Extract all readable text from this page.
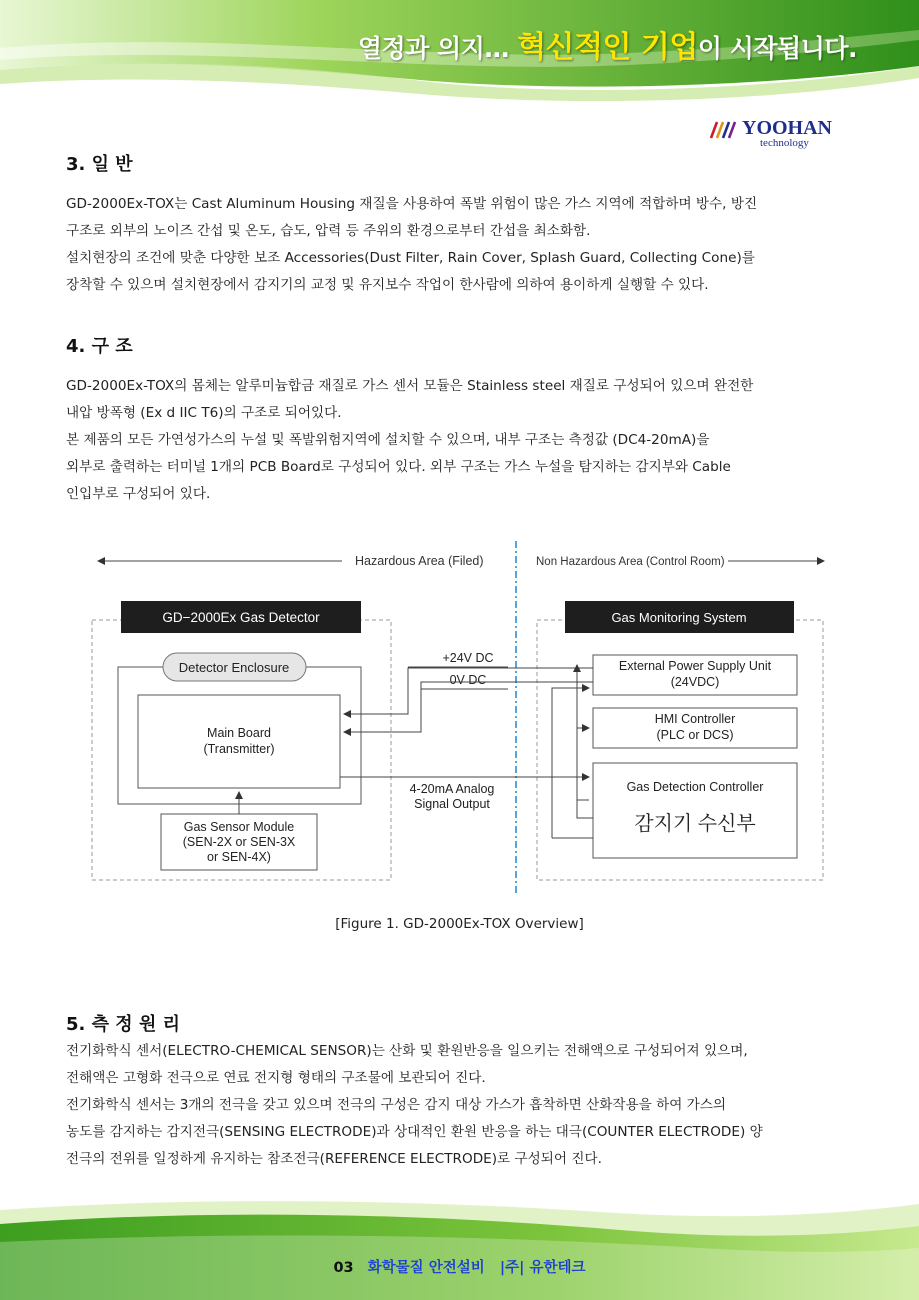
열정과 의지… 혁신적인 기업이 시작됩니다.
YOOHAN
technology
3. 일 반

GD-2000Ex-TOX는 Cast Aluminum Housing 재질을 사용하여 폭발 위험이 많은 가스 지역에 적합하며 방수, 방진

구조로 외부의 노이즈 간섭 및 온도, 습도, 압력 등 주위의 환경으로부터 간섭을 최소화함.

설치현장의 조건에 맞춘 다양한 보조 Accessories(Dust Filter, Rain Cover, Splash Guard, Collecting Cone)를

장착할 수 있으며 설치현장에서 감지기의 교정 및 유지보수 작업이 한사람에 의하여 용이하게 실행할 수 있다.

4. 구 조

GD-2000Ex-TOX의 몸체는 알루미늄합금 재질로 가스 센서 모듈은 Stainless steel 재질로 구성되어 있으며 완전한

내압 방폭형 (Ex d IIC T6)의 구조로 되어있다.

본 제품의 모든 가연성가스의 누설 및 폭발위험지역에 설치할 수 있으며, 내부 구조는 측정값 (DC4-20mA)을

외부로 출력하는 터미널 1개의 PCB Board로 구성되어 있다. 외부 구조는 가스 누설을 탐지하는 감지부와 Cable

인입부로 구성되어 있다.

Hazardous Area (Filed)	Non Hazardous Area (Control Room)
GD−2000Ex Gas Detector
Detector Enclosure
Main Board
(Transmitter)
Gas Sensor Module
(SEN-2X or SEN-3X
or SEN-4X)
Gas Monitoring System
External Power Supply Unit
(24VDC)
HMI Controller
(PLC or DCS)
Gas Detection Controller
감지기 수신부
+24V DC
0V DC
4-20mA Analog
Signal Output
[Figure 1. GD-2000Ex-TOX Overview]
5. 측 정 원 리

전기화학식 센서(ELECTRO-CHEMICAL SENSOR)는 산화 및 환원반응을 일으키는 전해액으로 구성되어져 있으며,

전해액은 고형화 전극으로 연료 전지형 형태의 구조물에 보관되어 진다.

전기화학식 센서는 3개의 전극을 갖고 있으며 전극의 구성은 감지 대상 가스가 흡착하면 산화작용을 하여 가스의

농도를 감지하는 감지전극(SENSING ELECTRODE)과 상대적인 환원 반응을 하는 대극(COUNTER ELECTRODE) 양

전극의 전위를 일정하게 유지하는 참조전극(REFERENCE ELECTRODE)로 구성되어 진다.

03 화학물질 안전설비   |주| 유한테크
